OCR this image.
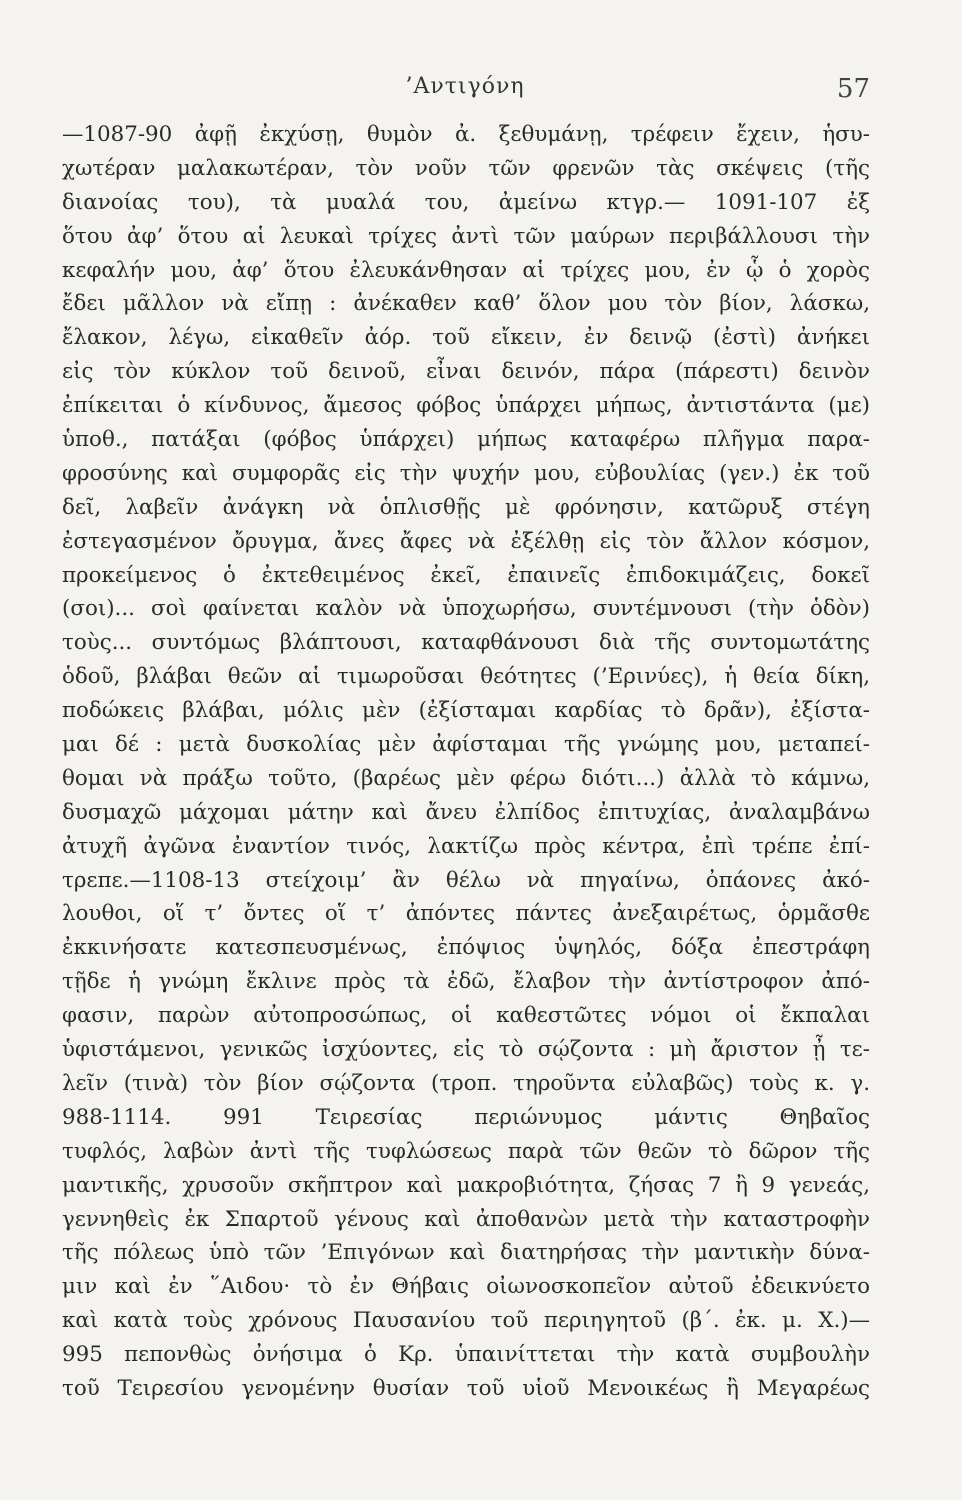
’Αντιγόνη	57
—1087-90 ἀφῇ ἐκχύσῃ, θυμὸν ἀ. ξεθυμάνῃ, τρέφειν ἔχειν, ἡσυ-
χωτέραν μαλακωτέραν, τὸν νοῦν τῶν φρενῶν τὰς σκέψεις (τῆς
διανοίας του), τὰ μυαλά του, ἀμείνω κτγρ.— 1091-107 ἐξ
ὅτου ἀφ’ ὅτου αἱ λευκαὶ τρίχες ἀντὶ τῶν μαύρων περιβάλλουσι τὴν
κεφαλήν μου, ἀφ’ ὅτου ἐλευκάνθησαν αἱ τρίχες μου, ἐν ᾧ ὁ χορὸς
ἔδει μᾶλλον νὰ εἴπῃ : ἀνέκαθεν καθ’ ὅλον μου τὸν βίον, λάσκω,
ἔλακον, λέγω, εἰκαθεῖν ἀόρ. τοῦ εἴκειν, ἐν δεινῷ (ἐστὶ) ἀνήκει
εἰς τὸν κύκλον τοῦ δεινοῦ, εἶναι δεινόν, πάρα (πάρεστι) δεινὸν
ἐπίκειται ὁ κίνδυνος, ἄμεσος φόβος ὑπάρχει μήπως, ἀντιστάντα (με)
ὑποθ., πατάξαι (φόβος ὑπάρχει) μήπως καταφέρω πλῆγμα παρα-
φροσύνης καὶ συμφορᾶς εἰς τὴν ψυχήν μου, εὐβουλίας (γεν.) ἐκ τοῦ
δεῖ, λαβεῖν ἀνάγκη νὰ ὁπλισθῇς μὲ φρόνησιν, κατῶρυξ στέγη
ἐστεγασμένον ὄρυγμα, ἄνες ἄφες νὰ ἐξέλθῃ εἰς τὸν ἄλλον κόσμον,
προκείμενος ὁ ἐκτεθειμένος ἐκεῖ, ἐπαινεῖς ἐπιδοκιμάζεις, δοκεῖ
(σοι)... σοὶ φαίνεται καλὸν νὰ ὑποχωρήσω, συντέμνουσι (τὴν ὁδὸν)
τοὺς... συντόμως βλάπτουσι, καταφθάνουσι διὰ τῆς συντομωτάτης
ὁδοῦ, βλάβαι θεῶν αἱ τιμωροῦσαι θεότητες (’Ερινύες), ἡ θεία δίκη,
ποδώκεις βλάβαι, μόλις μὲν (ἐξίσταμαι καρδίας τὸ δρᾶν), ἐξίστα-
μαι δέ : μετὰ δυσκολίας μὲν ἀφίσταμαι τῆς γνώμης μου, μεταπεί-
θομαι νὰ πράξω τοῦτο, (βαρέως μὲν φέρω διότι...) ἀλλὰ τὸ κάμνω,
δυσμαχῶ μάχομαι μάτην καὶ ἄνευ ἐλπίδος ἐπιτυχίας, ἀναλαμβάνω
ἀτυχῆ ἀγῶνα ἐναντίον τινός, λακτίζω πρὸς κέντρα, ἐπὶ τρέπε ἐπί-
τρεπε.—1108-13 στείχοιμ’ ἂν θέλω νὰ πηγαίνω, ὀπάονες ἀκό-
λουθοι, οἵ τ’ ὄντες οἵ τ’ ἀπόντες πάντες ἀνεξαιρέτως, ὁρμᾶσθε
ἐκκινήσατε κατεσπευσμένως, ἐπόψιος ὑψηλός, δόξα ἐπεστράφη
τῇδε ἡ γνώμη ἔκλινε πρὸς τὰ ἐδῶ, ἔλαβον τὴν ἀντίστροφον ἀπό-
φασιν, παρὼν αὐτοπροσώπως, οἱ καθεστῶτες νόμοι οἱ ἔκπαλαι
ὑφιστάμενοι, γενικῶς ἰσχύοντες, εἰς τὸ σῴζοντα : μὴ ἄριστον ᾖ τε-
λεῖν (τινὰ) τὸν βίον σῴζοντα (τροπ. τηροῦντα εὐλαβῶς) τοὺς κ. γ.
988-1114. 991 Τειρεσίας περιώνυμος μάντις Θηβαῖος
τυφλός, λαβὼν ἀντὶ τῆς τυφλώσεως παρὰ τῶν θεῶν τὸ δῶρον τῆς
μαντικῆς, χρυσοῦν σκῆπτρον καὶ μακροβιότητα, ζήσας 7 ἢ 9 γενεάς,
γεννηθεὶς ἐκ Σπαρτοῦ γένους καὶ ἀποθανὼν μετὰ τὴν καταστροφὴν
τῆς πόλεως ὑπὸ τῶν ’Επιγόνων καὶ διατηρήσας τὴν μαντικὴν δύνα-
μιν καὶ ἐν ῞Αιδου· τὸ ἐν Θήβαις οἰωνοσκοπεῖον αὐτοῦ ἐδεικνύετο
καὶ κατὰ τοὺς χρόνους Παυσανίου τοῦ περιηγητοῦ (β΄. ἐκ. μ. Χ.)—
995 πεπονθὼς ὀνήσιμα ὁ Κρ. ὑπαινίττεται τὴν κατὰ συμβουλὴν
τοῦ Τειρεσίου γενομένην θυσίαν τοῦ υἱοῦ Μενοικέως ἢ Μεγαρέως
